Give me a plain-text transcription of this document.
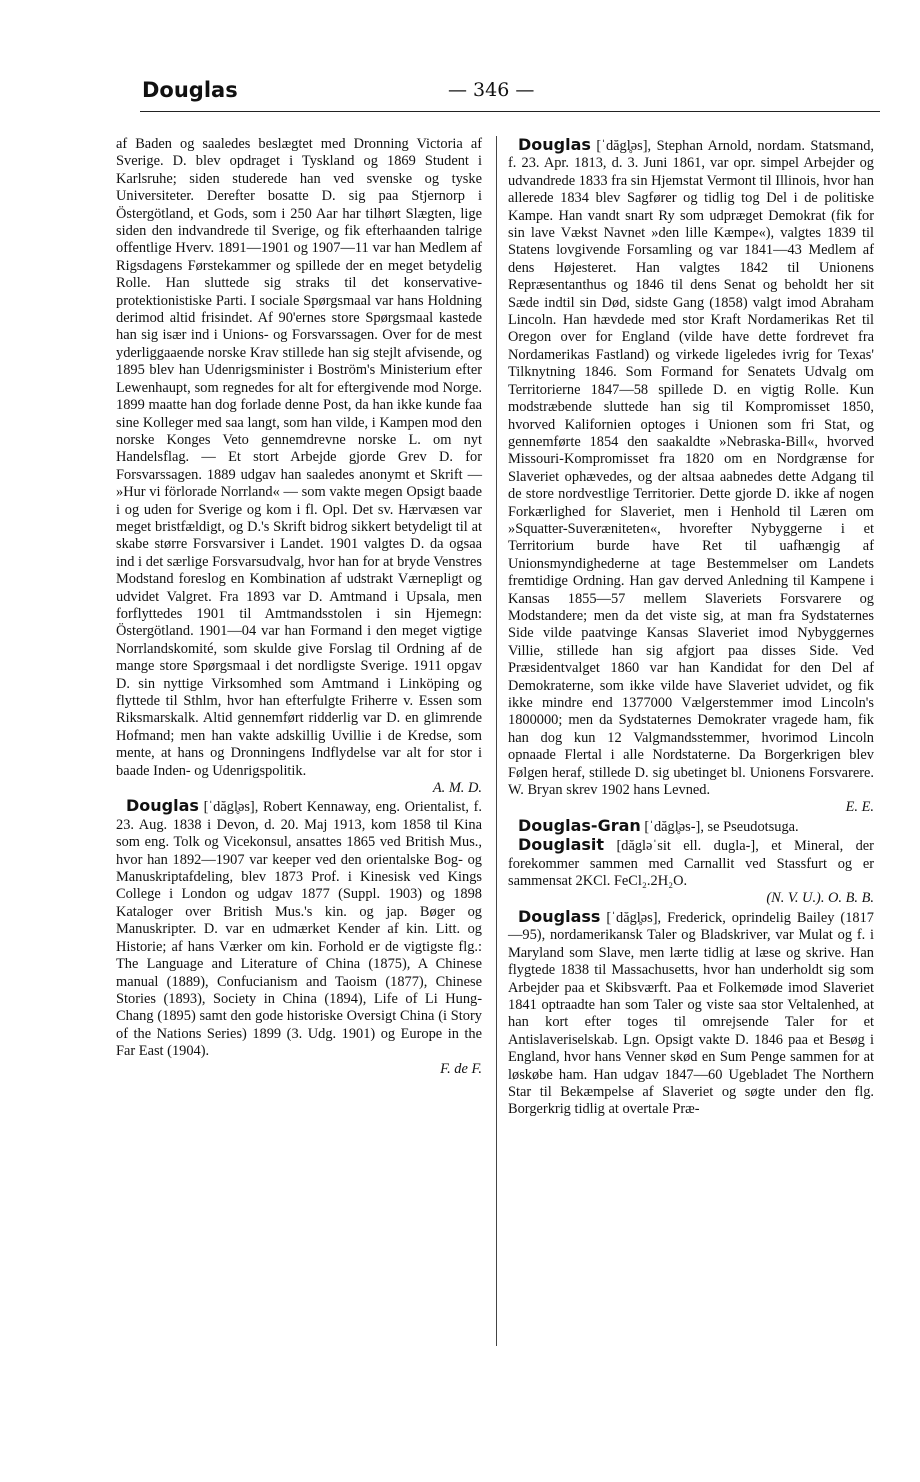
Douglas	— 346 —

af Baden og saaledes beslægtet med Dronning Victoria af Sverige. D. blev opdraget i Tyskland og 1869 Student i Karlsruhe; siden studerede han ved svenske og tyske Universiteter. Derefter bosatte D. sig paa Stjernorp i Östergötland, et Gods, som i 250 Aar har tilhørt Slægten, lige siden den indvandrede til Sverige, og fik efterhaanden talrige offentlige Hverv. 1891—1901 og 1907—11 var han Medlem af Rigsdagens Førstekammer og spillede der en meget betydelig Rolle. Han sluttede sig straks til det konservative-protektionistiske Parti. I sociale Spørgsmaal var hans Holdning derimod altid frisindet. Af 90'ernes store Spørgsmaal kastede han sig især ind i Unions- og Forsvarssagen. Over for de mest yderliggaaende norske Krav stillede han sig stejlt afvisende, og 1895 blev han Udenrigsminister i Boström's Ministerium efter Lewenhaupt, som regnedes for alt for eftergivende mod Norge. 1899 maatte han dog forlade denne Post, da han ikke kunde faa sine Kolleger med saa langt, som han vilde, i Kampen mod den norske Konges Veto gennemdrevne norske L. om nyt Handelsflag. — Et stort Arbejde gjorde Grev D. for Forsvarssagen. 1889 udgav han saaledes anonymt et Skrift — »Hur vi förlorade Norrland« — som vakte megen Opsigt baade i og uden for Sverige og kom i fl. Opl. Det sv. Hærvæsen var meget bristfældigt, og D.'s Skrift bidrog sikkert betydeligt til at skabe større Forsvarsiver i Landet. 1901 valgtes D. da ogsaa ind i det særlige Forsvarsudvalg, hvor han for at bryde Venstres Modstand foreslog en Kombination af udstrakt Værnepligt og udvidet Valgret. Fra 1893 var D. Amtmand i Upsala, men forflyttedes 1901 til Amtmandsstolen i sin Hjemegn: Östergötland. 1901—04 var han Formand i den meget vigtige Norrlandskomité, som skulde give Forslag til Ordning af de mange store Spørgsmaal i det nordligste Sverige. 1911 opgav D. sin nyttige Virksomhed som Amtmand i Linköping og flyttede til Sthlm, hvor han efterfulgte Friherre v. Essen som Riksmarskalk. Altid gennemført ridderlig var D. en glimrende Hofmand; men han vakte adskillig Uvillie i de Kredse, som mente, at hans og Dronningens Indflydelse var alt for stor i baade Inden- og Udenrigspolitik.
A. M. D.

Douglas [ˈdăgl̥əs], Robert Kennaway, eng. Orientalist, f. 23. Aug. 1838 i Devon, d. 20. Maj 1913, kom 1858 til Kina som eng. Tolk og Vicekonsul, ansattes 1865 ved British Mus., hvor han 1892—1907 var keeper ved den orientalske Bog- og Manuskriptafdeling, blev 1873 Prof. i Kinesisk ved Kings College i London og udgav 1877 (Suppl. 1903) og 1898 Kataloger over British Mus.'s kin. og jap. Bøger og Manuskripter. D. var en udmærket Kender af kin. Litt. og Historie; af hans Værker om kin. Forhold er de vigtigste flg.: The Language and Literature of China (1875), A Chinese manual (1889), Confucianism and Taoism (1877), Chinese Stories (1893), Society in China (1894), Life of Li Hung-Chang (1895) samt den gode historiske Oversigt China (i Story of the Nations Series) 1899 (3. Udg. 1901) og Europe in the Far East (1904).
F. de F.

Douglas [ˈdăgl̥əs], Stephan Arnold, nordam. Statsmand, f. 23. Apr. 1813, d. 3. Juni 1861, var opr. simpel Arbejder og udvandrede 1833 fra sin Hjemstat Vermont til Illinois, hvor han allerede 1834 blev Sagfører og tidlig tog Del i de politiske Kampe. Han vandt snart Ry som udpræget Demokrat (fik for sin lave Vækst Navnet »den lille Kæmpe«), valgtes 1839 til Statens lovgivende Forsamling og var 1841—43 Medlem af dens Højesteret. Han valgtes 1842 til Unionens Repræsentanthus og 1846 til dens Senat og beholdt her sit Sæde indtil sin Død, sidste Gang (1858) valgt imod Abraham Lincoln. Han hævdede med stor Kraft Nordamerikas Ret til Oregon over for England (vilde have dette fordrevet fra Nordamerikas Fastland) og virkede ligeledes ivrig for Texas' Tilknytning 1846. Som Formand for Senatets Udvalg om Territorierne 1847—58 spillede D. en vigtig Rolle. Kun modstræbende sluttede han sig til Kompromisset 1850, hvorved Kalifornien optoges i Unionen som fri Stat, og gennemførte 1854 den saakaldte »Nebraska-Bill«, hvorved Missouri-Kompromisset fra 1820 om en Nordgrænse for Slaveriet ophævedes, og der altsaa aabnedes dette Adgang til de store nordvestlige Territorier. Dette gjorde D. ikke af nogen Forkærlighed for Slaveriet, men i Henhold til Læren om »Squatter-Suveræniteten«, hvorefter Nybyggerne i et Territorium burde have Ret til uafhængig af Unionsmyndighederne at tage Bestemmelser om Landets fremtidige Ordning. Han gav derved Anledning til Kampene i Kansas 1855—57 mellem Slaveriets Forsvarere og Modstandere; men da det viste sig, at man fra Sydstaternes Side vilde paatvinge Kansas Slaveriet imod Nybyggernes Villie, stillede han sig afgjort paa disses Side. Ved Præsidentvalget 1860 var han Kandidat for den Del af Demokraterne, som ikke vilde have Slaveriet udvidet, og fik ikke mindre end 1377000 Vælgerstemmer imod Lincoln's 1800000; men da Sydstaternes Demokrater vragede ham, fik han dog kun 12 Valgmandsstemmer, hvorimod Lincoln opnaade Flertal i alle Nordstaterne. Da Borgerkrigen blev Følgen heraf, stillede D. sig ubetinget bl. Unionens Forsvarere. W. Bryan skrev 1902 hans Levned.
E. E.

Douglas-Gran [ˈdăgl̥əs-], se Pseudotsuga.

Douglasit [dăgləˈsit ell. dugla-], et Mineral, der forekommer sammen med Carnallit ved Stassfurt og er sammensat 2KCl. FeCl₂.2H₂O.
(N. V. U.). O. B. B.

Douglass [ˈdăgl̥əs], Frederick, oprindelig Bailey (1817—95), nordamerikansk Taler og Bladskriver, var Mulat og f. i Maryland som Slave, men lærte tidlig at læse og skrive. Han flygtede 1838 til Massachusetts, hvor han underholdt sig som Arbejder paa et Skibsværft. Paa et Folkemøde imod Slaveriet 1841 optraadte han som Taler og viste saa stor Veltalenhed, at han kort efter toges til omrejsende Taler for et Antislaveriselskab. Lgn. Opsigt vakte D. 1846 paa et Besøg i England, hvor hans Venner skød en Sum Penge sammen for at løskøbe ham. Han udgav 1847—60 Ugebladet The Northern Star til Bekæmpelse af Slaveriet og søgte under den flg. Borgerkrig tidlig at overtale Præ-
